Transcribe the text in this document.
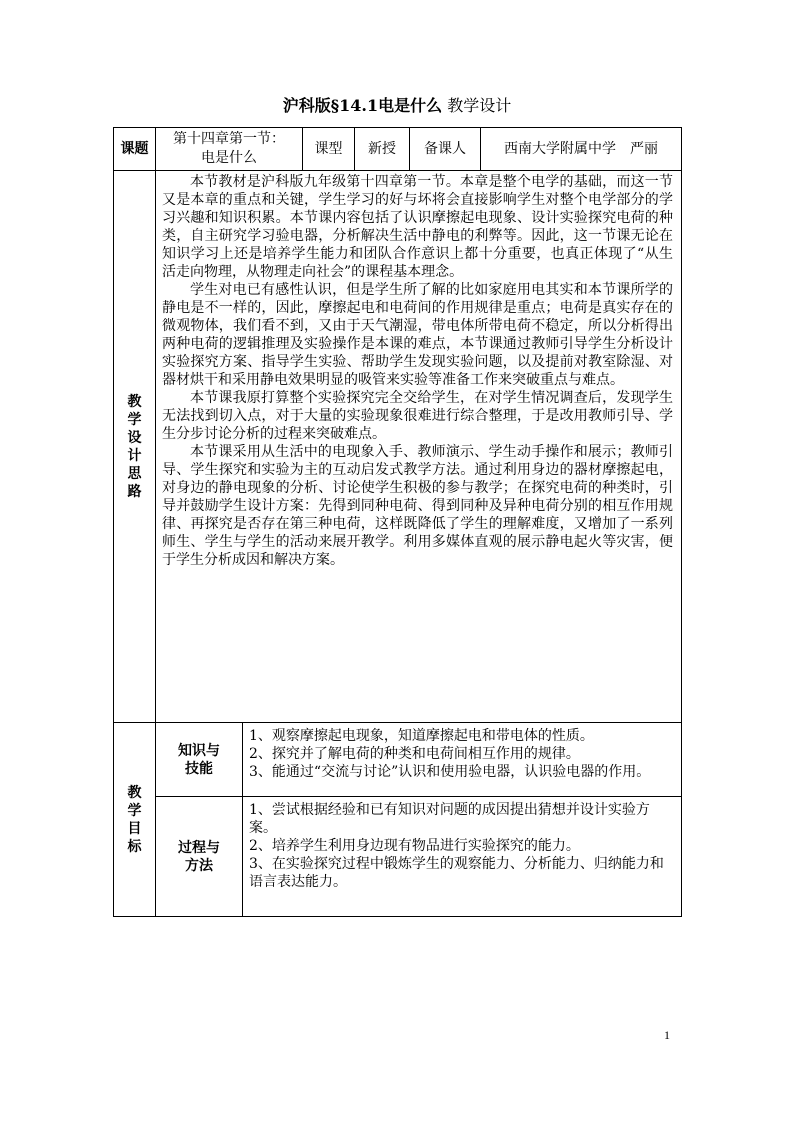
沪科版§14.1电是什么 教学设计
课题	第十四章第一节：电是什么		课型	新授	备课人 西南大学附属中学　严丽

教学设计思路	本节教材是沪科版九年级第十四章第一节。本章是整个电学的基础，而这一节又是本章的重点和关键，学生学习的好与坏将会直接影响学生对整个电学部分的学习兴趣和知识积累。本节课内容包括了认识摩擦起电现象、设计实验探究电荷的种类，自主研究学习验电器，分析解决生活中静电的利弊等。因此，这一节课无论在知识学习上还是培养学生能力和团队合作意识上都十分重要，也真正体现了“从生活走向物理，从物理走向社会”的课程基本理念。

学生对电已有感性认识，但是学生所了解的比如家庭用电其实和本节课所学的静电是不一样的，因此，摩擦起电和电荷间的作用规律是重点；电荷是真实存在的微观物体，我们看不到，又由于天气潮湿，带电体所带电荷不稳定，所以分析得出两种电荷的逻辑推理及实验操作是本课的难点，本节课通过教师引导学生分析设计实验探究方案、指导学生实验、帮助学生发现实验问题，以及提前对教室除湿、对器材烘干和采用静电效果明显的吸管来实验等准备工作来突破重点与难点。

本节课我原打算整个实验探究完全交给学生，在对学生情况调查后，发现学生无法找到切入点，对于大量的实验现象很难进行综合整理，于是改用教师引导、学生分步讨论分析的过程来突破难点。

本节课采用从生活中的电现象入手、教师演示、学生动手操作和展示；教师引导、学生探究和实验为主的互动启发式教学方法。通过利用身边的器材摩擦起电，对身边的静电现象的分析、讨论使学生积极的参与教学；在探究电荷的种类时，引导并鼓励学生设计方案：先得到同种电荷、得到同种及异种电荷分别的相互作用规律、再探究是否存在第三种电荷，这样既降低了学生的理解难度，又增加了一系列师生、学生与学生的活动来展开教学。利用多媒体直观的展示静电起火等灾害，便于学生分析成因和解决方案。				

教学目标	知识与技能	1、观察摩擦起电现象，知道摩擦起电和带电体的性质。

2、探究并了解电荷的种类和电荷间相互作用的规律。

3、能通过“交流与讨论”认识和使用验电器，认识验电器的作用。			

	过程与方法	1、尝试根据经验和已有知识对问题的成因提出猜想并设计实验方案。

2、培养学生利用身边现有物品进行实验探究的能力。

3、在实验探究过程中锻炼学生的观察能力、分析能力、归纳能力和语言表达能力。			

1
